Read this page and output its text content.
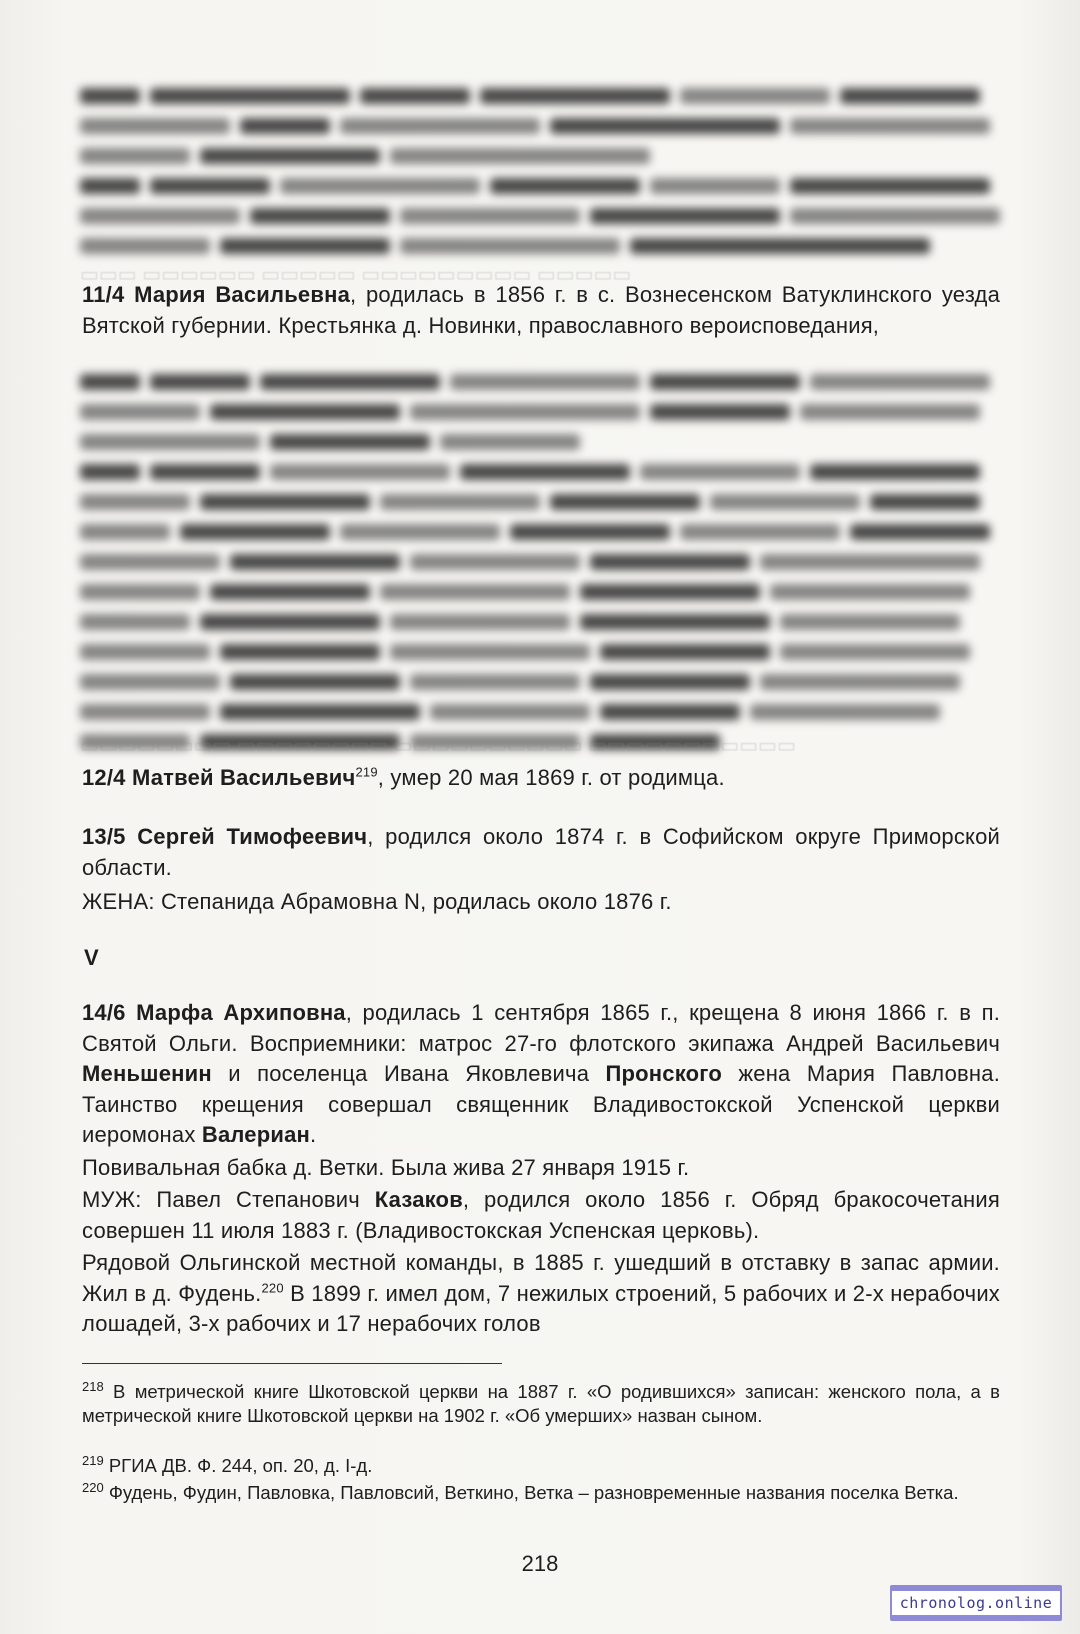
▭▭▭ ▭▭▭▭▭▭ ▭▭▭▭▭ ▭▭▭▭▭▭▭▭▭ ▭▭▭▭▭
11/4 Мария Васильевна, родилась в 1856 г. в с. Вознесенском Ватуклинского уезда Вятской губернии. Крестьянка д. Новинки, православного вероисповедания,
▭▭▭▭▭▭▭▭ ▭▭▭▭▭▭▭▭ ▭▭▭▭▭▭▭▭▭▭ ▭▭▭▭▭▭▭▭▭▭▭
12/4 Матвей Васильевич$^{219}$, умер 20 мая 1869 г. от родимца.
13/5 Сергей Тимофеевич, родился около 1874 г. в Софийском округе Приморской области.
ЖЕНА: Степанида Абрамовна N, родилась около 1876 г.
V
14/6 Марфа Архиповна, родилась 1 сентября 1865 г., крещена 8 июня 1866 г. в п. Святой Ольги. Восприемники: матрос 27-го флотского экипажа Андрей Васильевич Меньшенин и поселенца Ивана Яковлевича Пронского жена Мария Павловна. Таинство крещения совершал священник Владивостокской Успенской церкви иеромонах Валериан.
Повивальная бабка д. Ветки. Была жива 27 января 1915 г.
МУЖ: Павел Степанович Казаков, родился около 1856 г. Обряд бракосочетания совершен 11 июля 1883 г. (Владивостокская Успенская церковь).
Рядовой Ольгинской местной команды, в 1885 г. ушедший в отставку в запас армии. Жил в д. Фудень.$^{220}$ В 1899 г. имел дом, 7 нежилых строений, 5 рабочих и 2-х нерабочих лошадей, 3-х рабочих и 17 нерабочих голов
$^{218}$ В метрической книге Шкотовской церкви на 1887 г. «О родившихся» записан: женского пола, а в метрической книге Шкотовской церкви на 1902 г. «Об умерших» назван сыном.
$^{219}$ РГИА ДВ. Ф. 244, оп. 20, д. I-д.
$^{220}$ Фудень, Фудин, Павловка, Павловсий, Веткино, Ветка – разновременные названия поселка Ветка.
218
chronolog.online
